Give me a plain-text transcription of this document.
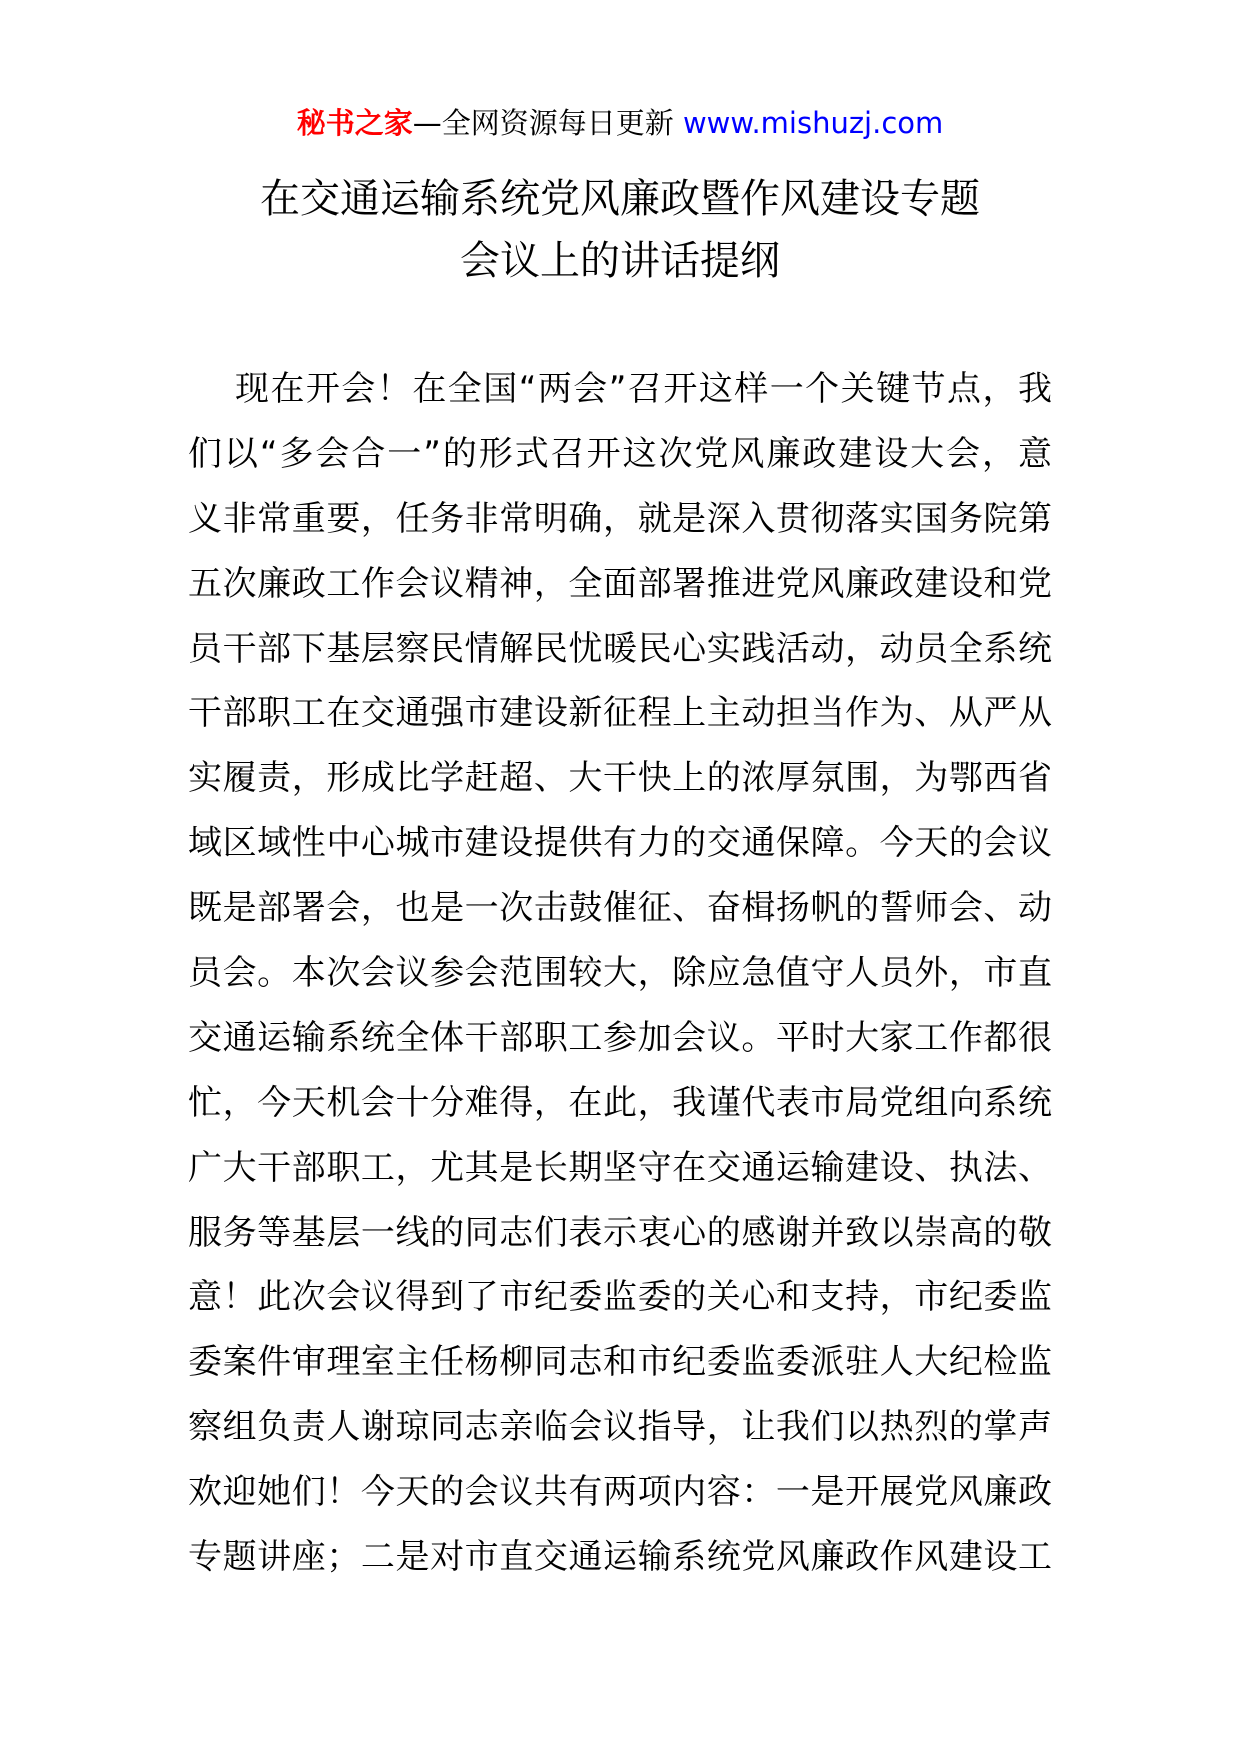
秘书之家—全网资源每日更新 www.mishuzj.com
在交通运输系统党风廉政暨作风建设专题
会议上的讲话提纲
现在开会！在全国“两会”召开这样一个关键节点，我
们以“多会合一”的形式召开这次党风廉政建设大会，意
义非常重要，任务非常明确，就是深入贯彻落实国务院第
五次廉政工作会议精神，全面部署推进党风廉政建设和党
员干部下基层察民情解民忧暖民心实践活动，动员全系统
干部职工在交通强市建设新征程上主动担当作为、从严从
实履责，形成比学赶超、大干快上的浓厚氛围，为鄂西省
域区域性中心城市建设提供有力的交通保障。今天的会议
既是部署会，也是一次击鼓催征、奋楫扬帆的誓师会、动
员会。本次会议参会范围较大，除应急值守人员外，市直
交通运输系统全体干部职工参加会议。平时大家工作都很
忙，今天机会十分难得，在此，我谨代表市局党组向系统
广大干部职工，尤其是长期坚守在交通运输建设、执法、
服务等基层一线的同志们表示衷心的感谢并致以崇高的敬
意！此次会议得到了市纪委监委的关心和支持，市纪委监
委案件审理室主任杨柳同志和市纪委监委派驻人大纪检监
察组负责人谢琼同志亲临会议指导，让我们以热烈的掌声
欢迎她们！今天的会议共有两项内容：一是开展党风廉政
专题讲座；二是对市直交通运输系统党风廉政作风建设工
